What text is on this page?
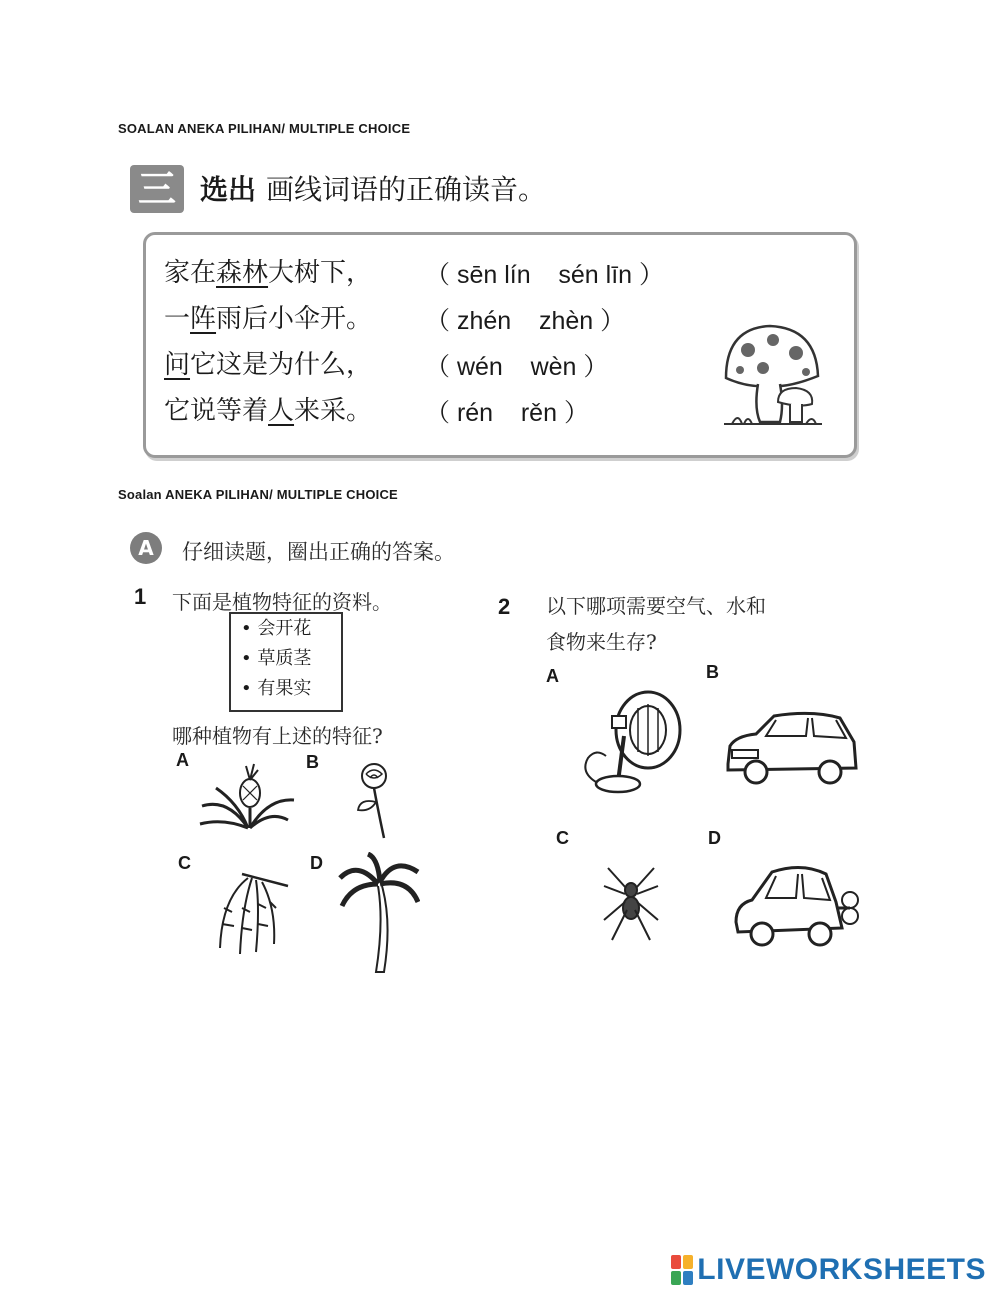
SOALAN ANEKA PILIHAN/ MULTIPLE CHOICE
三 选出 画线词语的正确读音。
家在森林大树下， （ sēn lín    sén līn ）
一阵雨后小伞开。 （ zhén    zhèn ）
问它这是为什么， （ wén    wèn ）
它说等着人来采。 （ rén    rěn ）
Soalan ANEKA PILIHAN/ MULTIPLE CHOICE
A	仔细读题，圈出正确的答案。
1 下面是植物特征的资料。
• 会开花
• 草质茎
• 有果实
哪种植物有上述的特征?
A	B
C	D
2 以下哪项需要空气、水和
食物来生存?
A	B
C	D
LIVEWORKSHEETS
